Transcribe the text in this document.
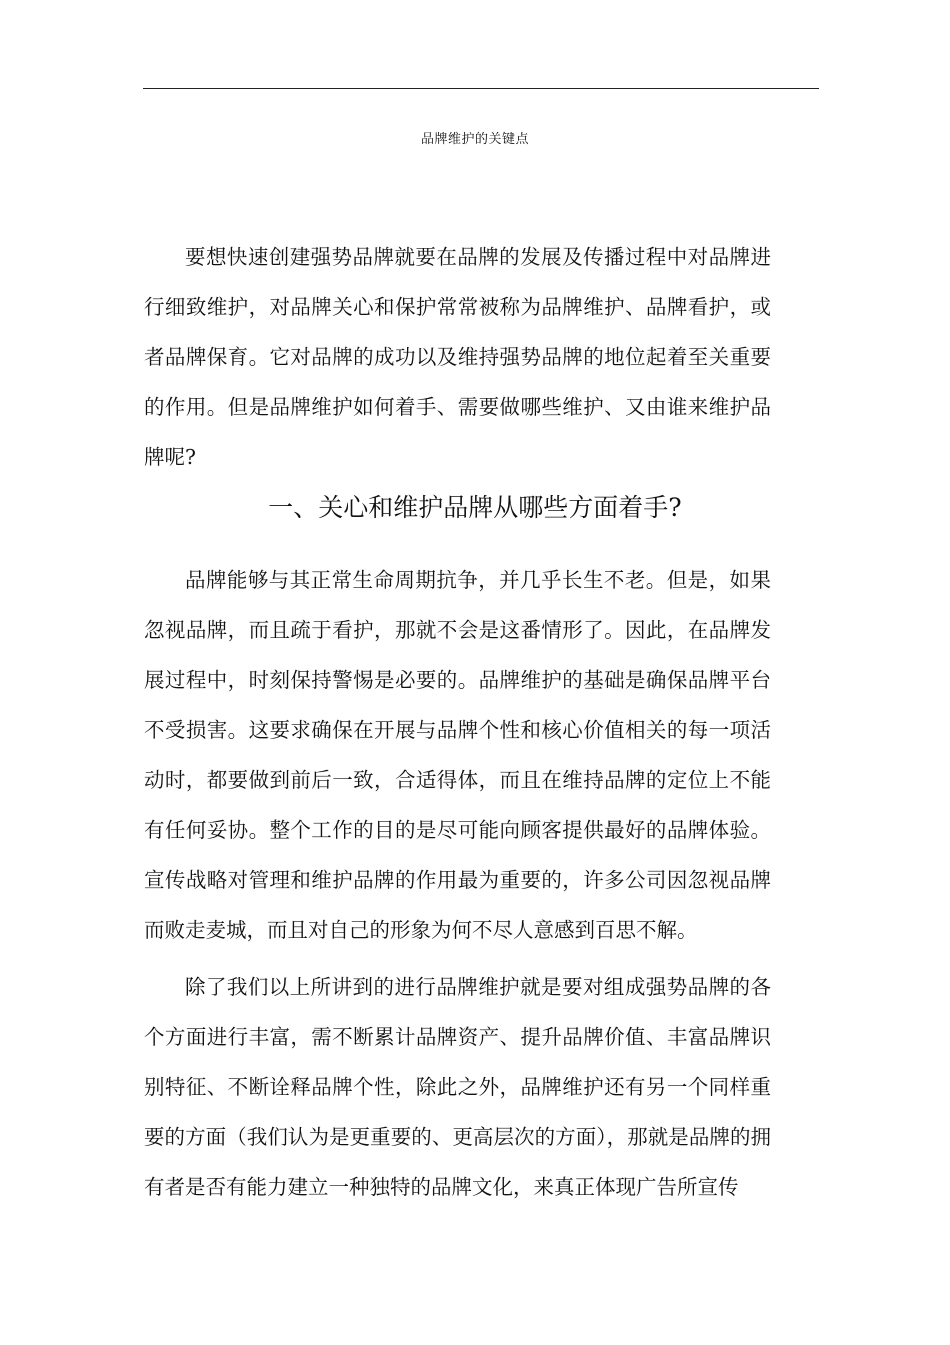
品牌维护的关键点

要想快速创建强势品牌就要在品牌的发展及传播过程中对品牌进行细致维护，对品牌关心和保护常常被称为品牌维护、品牌看护，或者品牌保育。它对品牌的成功以及维持强势品牌的地位起着至关重要的作用。但是品牌维护如何着手、需要做哪些维护、又由谁来维护品牌呢?

一、关心和维护品牌从哪些方面着手?

品牌能够与其正常生命周期抗争，并几乎长生不老。但是，如果忽视品牌，而且疏于看护，那就不会是这番情形了。因此，在品牌发展过程中，时刻保持警惕是必要的。品牌维护的基础是确保品牌平台不受损害。这要求确保在开展与品牌个性和核心价值相关的每一项活动时，都要做到前后一致，合适得体，而且在维持品牌的定位上不能有任何妥协。整个工作的目的是尽可能向顾客提供最好的品牌体验。宣传战略对管理和维护品牌的作用最为重要的，许多公司因忽视品牌而败走麦城，而且对自己的形象为何不尽人意感到百思不解。

除了我们以上所讲到的进行品牌维护就是要对组成强势品牌的各个方面进行丰富，需不断累计品牌资产、提升品牌价值、丰富品牌识别特征、不断诠释品牌个性，除此之外，品牌维护还有另一个同样重要的方面（我们认为是更重要的、更高层次的方面），那就是品牌的拥有者是否有能力建立一种独特的品牌文化，来真正体现广告所宣传
